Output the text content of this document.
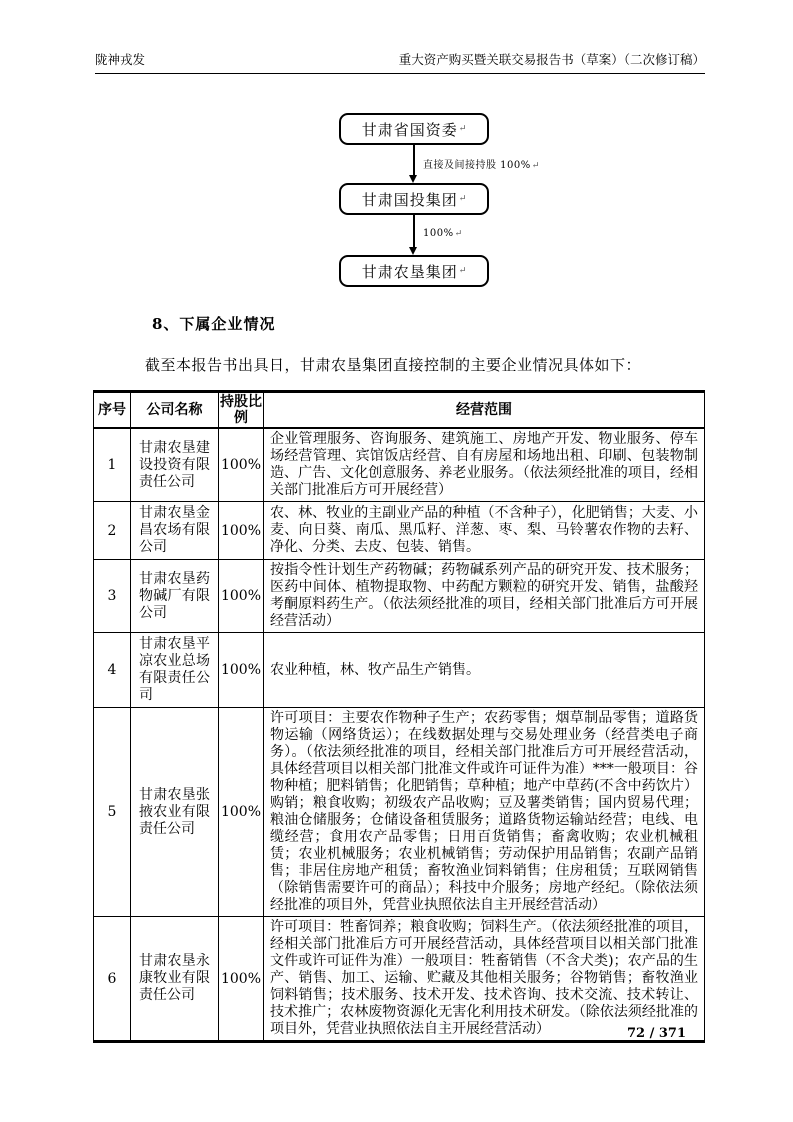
陇神戎发	重大资产购买暨关联交易报告书（草案）（二次修订稿）
甘肃省国资委 ↵
直接及间接持股 100%↵
甘肃国投集团 ↵
100%↵
甘肃农垦集团 ↵
8、下属企业情况
截至本报告书出具日，甘肃农垦集团直接控制的主要企业情况具体如下：
序号	公司名称	持股比例	经营范围
1	甘肃农垦建设投资有限责任公司	100%	企业管理服务、咨询服务、建筑施工、房地产开发、物业服务、停车场经营管理、宾馆饭店经营、自有房屋和场地出租、印刷、包装物制造、广告、文化创意服务、养老业服务。（依法须经批准的项目，经相关部门批准后方可开展经营）
2	甘肃农垦金昌农场有限公司	100%	农、林、牧业的主副业产品的种植（不含种子），化肥销售；大麦、小麦、向日葵、南瓜、黑瓜籽、洋葱、枣、梨、马铃薯农作物的去籽、净化、分类、去皮、包装、销售。
3	甘肃农垦药物碱厂有限公司	100%	按指令性计划生产药物碱；药物碱系列产品的研究开发、技术服务；医药中间体、植物提取物、中药配方颗粒的研究开发、销售，盐酸羟考酮原料药生产。（依法须经批准的项目，经相关部门批准后方可开展经营活动）
4	甘肃农垦平凉农业总场有限责任公司	100%	农业种植，林、牧产品生产销售。
5	甘肃农垦张掖农业有限责任公司	100%	许可项目：主要农作物种子生产；农药零售；烟草制品零售；道路货物运输（网络货运）；在线数据处理与交易处理业务（经营类电子商务）。（依法须经批准的项目，经相关部门批准后方可开展经营活动，具体经营项目以相关部门批准文件或许可证件为准）***一般项目：谷物种植；肥料销售；化肥销售；草种植；地产中草药(不含中药饮片）购销；粮食收购；初级农产品收购；豆及薯类销售；国内贸易代理；粮油仓储服务；仓储设备租赁服务；道路货物运输站经营；电线、电缆经营；食用农产品零售；日用百货销售；畜禽收购；农业机械租赁；农业机械服务；农业机械销售；劳动保护用品销售；农副产品销售；非居住房地产租赁；畜牧渔业饲料销售；住房租赁；互联网销售（除销售需要许可的商品）；科技中介服务；房地产经纪。（除依法须经批准的项目外，凭营业执照依法自主开展经营活动）
6	甘肃农垦永康牧业有限责任公司	100%	许可项目：牲畜饲养；粮食收购；饲料生产。（依法须经批准的项目，经相关部门批准后方可开展经营活动，具体经营项目以相关部门批准文件或许可证件为准）一般项目：牲畜销售（不含犬类)；农产品的生产、销售、加工、运输、贮藏及其他相关服务；谷物销售；畜牧渔业饲料销售；技术服务、技术开发、技术咨询、技术交流、技术转让、技术推广；农林废物资源化无害化利用技术研发。（除依法须经批准的项目外，凭营业执照依法自主开展经营活动）	72 / 371
